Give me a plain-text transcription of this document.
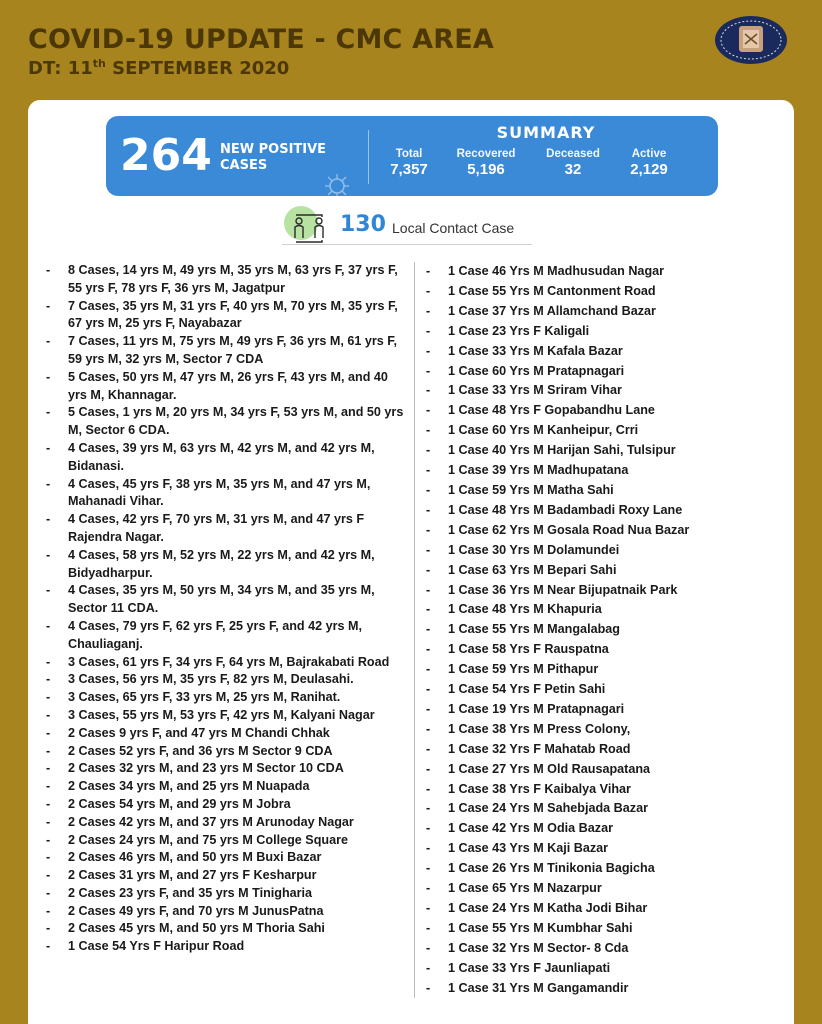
COVID-19 UPDATE - CMC AREA
DT: 11th SEPTEMBER 2020
264 NEW POSITIVE
CASES
SUMMARY
Total
7,357
Recovered
5,196
Deceased
32
Active
2,129
130 Local Contact Case
-	8 Cases, 14 yrs M, 49 yrs M, 35 yrs M, 63 yrs F, 37 yrs F, 55 yrs F, 78 yrs F, 36 yrs M, Jagatpur
-	7 Cases, 35 yrs M, 31 yrs F, 40 yrs M, 70 yrs M, 35 yrs F, 67 yrs M, 25 yrs F, Nayabazar
-	7 Cases, 11 yrs M, 75 yrs M, 49 yrs F, 36 yrs M, 61 yrs F, 59 yrs M, 32 yrs M, Sector 7 CDA
-	5 Cases, 50 yrs M, 47 yrs M, 26 yrs F, 43 yrs M, and 40 yrs M, Khannagar.
-	5 Cases, 1 yrs M, 20 yrs M, 34 yrs F, 53 yrs M, and 50 yrs M, Sector 6 CDA.
-	4 Cases, 39 yrs M, 63 yrs M, 42 yrs M, and 42 yrs M, Bidanasi.
-	4 Cases, 45 yrs F, 38 yrs M, 35 yrs M, and 47 yrs M, Mahanadi Vihar.
-	4 Cases, 42 yrs F, 70 yrs M, 31 yrs M, and 47 yrs F Rajendra Nagar.
-	4 Cases, 58 yrs M, 52 yrs M, 22 yrs M, and 42 yrs M, Bidyadharpur.
-	4 Cases, 35 yrs M, 50 yrs M, 34 yrs M, and 35 yrs M, Sector 11 CDA.
-	4 Cases, 79 yrs F, 62 yrs F, 25 yrs F, and 42 yrs M, Chauliaganj.
-	3 Cases, 61 yrs F, 34 yrs F, 64 yrs M, Bajrakabati Road
-	3 Cases, 56 yrs M, 35 yrs F, 82 yrs M, Deulasahi.
-	3 Cases, 65 yrs F, 33 yrs M, 25 yrs M, Ranihat.
-	3 Cases, 55 yrs M, 53 yrs F, 42 yrs M, Kalyani Nagar
-	2 Cases 9 yrs F, and 47 yrs M Chandi Chhak
-	2 Cases 52 yrs F, and 36 yrs M Sector 9 CDA
-	2 Cases 32 yrs M, and 23 yrs M Sector 10 CDA
-	2 Cases 34 yrs M, and 25 yrs M Nuapada
-	2 Cases 54 yrs M, and 29 yrs M Jobra
-	2 Cases 42 yrs M, and 37 yrs M Arunoday Nagar
-	2 Cases 24 yrs M, and 75 yrs M College Square
-	2 Cases 46 yrs M, and 50 yrs M Buxi Bazar
-	2 Cases 31 yrs M, and 27 yrs F Kesharpur
-	2 Cases 23 yrs F, and 35 yrs M Tinigharia
-	2 Cases 49 yrs F, and 70 yrs M JunusPatna
-	2 Cases 45 yrs M, and 50 yrs M Thoria Sahi
-	1 Case 54 Yrs F Haripur Road
-	1 Case 46 Yrs M Madhusudan Nagar
-	1 Case 55 Yrs M Cantonment Road
-	1 Case 37 Yrs M Allamchand Bazar
-	1 Case 23 Yrs F Kaligali
-	1 Case 33 Yrs M Kafala Bazar
-	1 Case 60 Yrs M Pratapnagari
-	1 Case 33 Yrs M Sriram Vihar
-	1 Case 48 Yrs F Gopabandhu Lane
-	1 Case 60 Yrs M Kanheipur, Crri
-	1 Case 40 Yrs M Harijan Sahi, Tulsipur
-	1 Case 39 Yrs M Madhupatana
-	1 Case 59 Yrs M Matha Sahi
-	1 Case 48 Yrs M Badambadi Roxy Lane
-	1 Case 62 Yrs M Gosala Road Nua Bazar
-	1 Case 30 Yrs M Dolamundei
-	1 Case 63 Yrs M Bepari Sahi
-	1 Case 36 Yrs M Near Bijupatnaik Park
-	1 Case 48 Yrs M Khapuria
-	1 Case 55 Yrs M Mangalabag
-	1 Case 58 Yrs F Rauspatna
-	1 Case 59 Yrs M Pithapur
-	1 Case 54 Yrs F Petin Sahi
-	1 Case 19 Yrs M Pratapnagari
-	1 Case 38 Yrs M Press Colony,
-	1 Case 32 Yrs F Mahatab Road
-	1 Case 27 Yrs M Old Rausapatana
-	1 Case 38 Yrs F Kaibalya Vihar
-	1 Case 24 Yrs M Sahebjada Bazar
-	1 Case 42 Yrs M Odia Bazar
-	1 Case 43 Yrs M Kaji Bazar
-	1 Case 26 Yrs M Tinikonia Bagicha
-	1 Case 65 Yrs M Nazarpur
-	1 Case 24 Yrs M Katha Jodi Bihar
-	1 Case 55 Yrs M Kumbhar Sahi
-	1 Case 32 Yrs M Sector- 8 Cda
-	1 Case 33 Yrs F Jaunliapati
-	1 Case 31 Yrs M Gangamandir
